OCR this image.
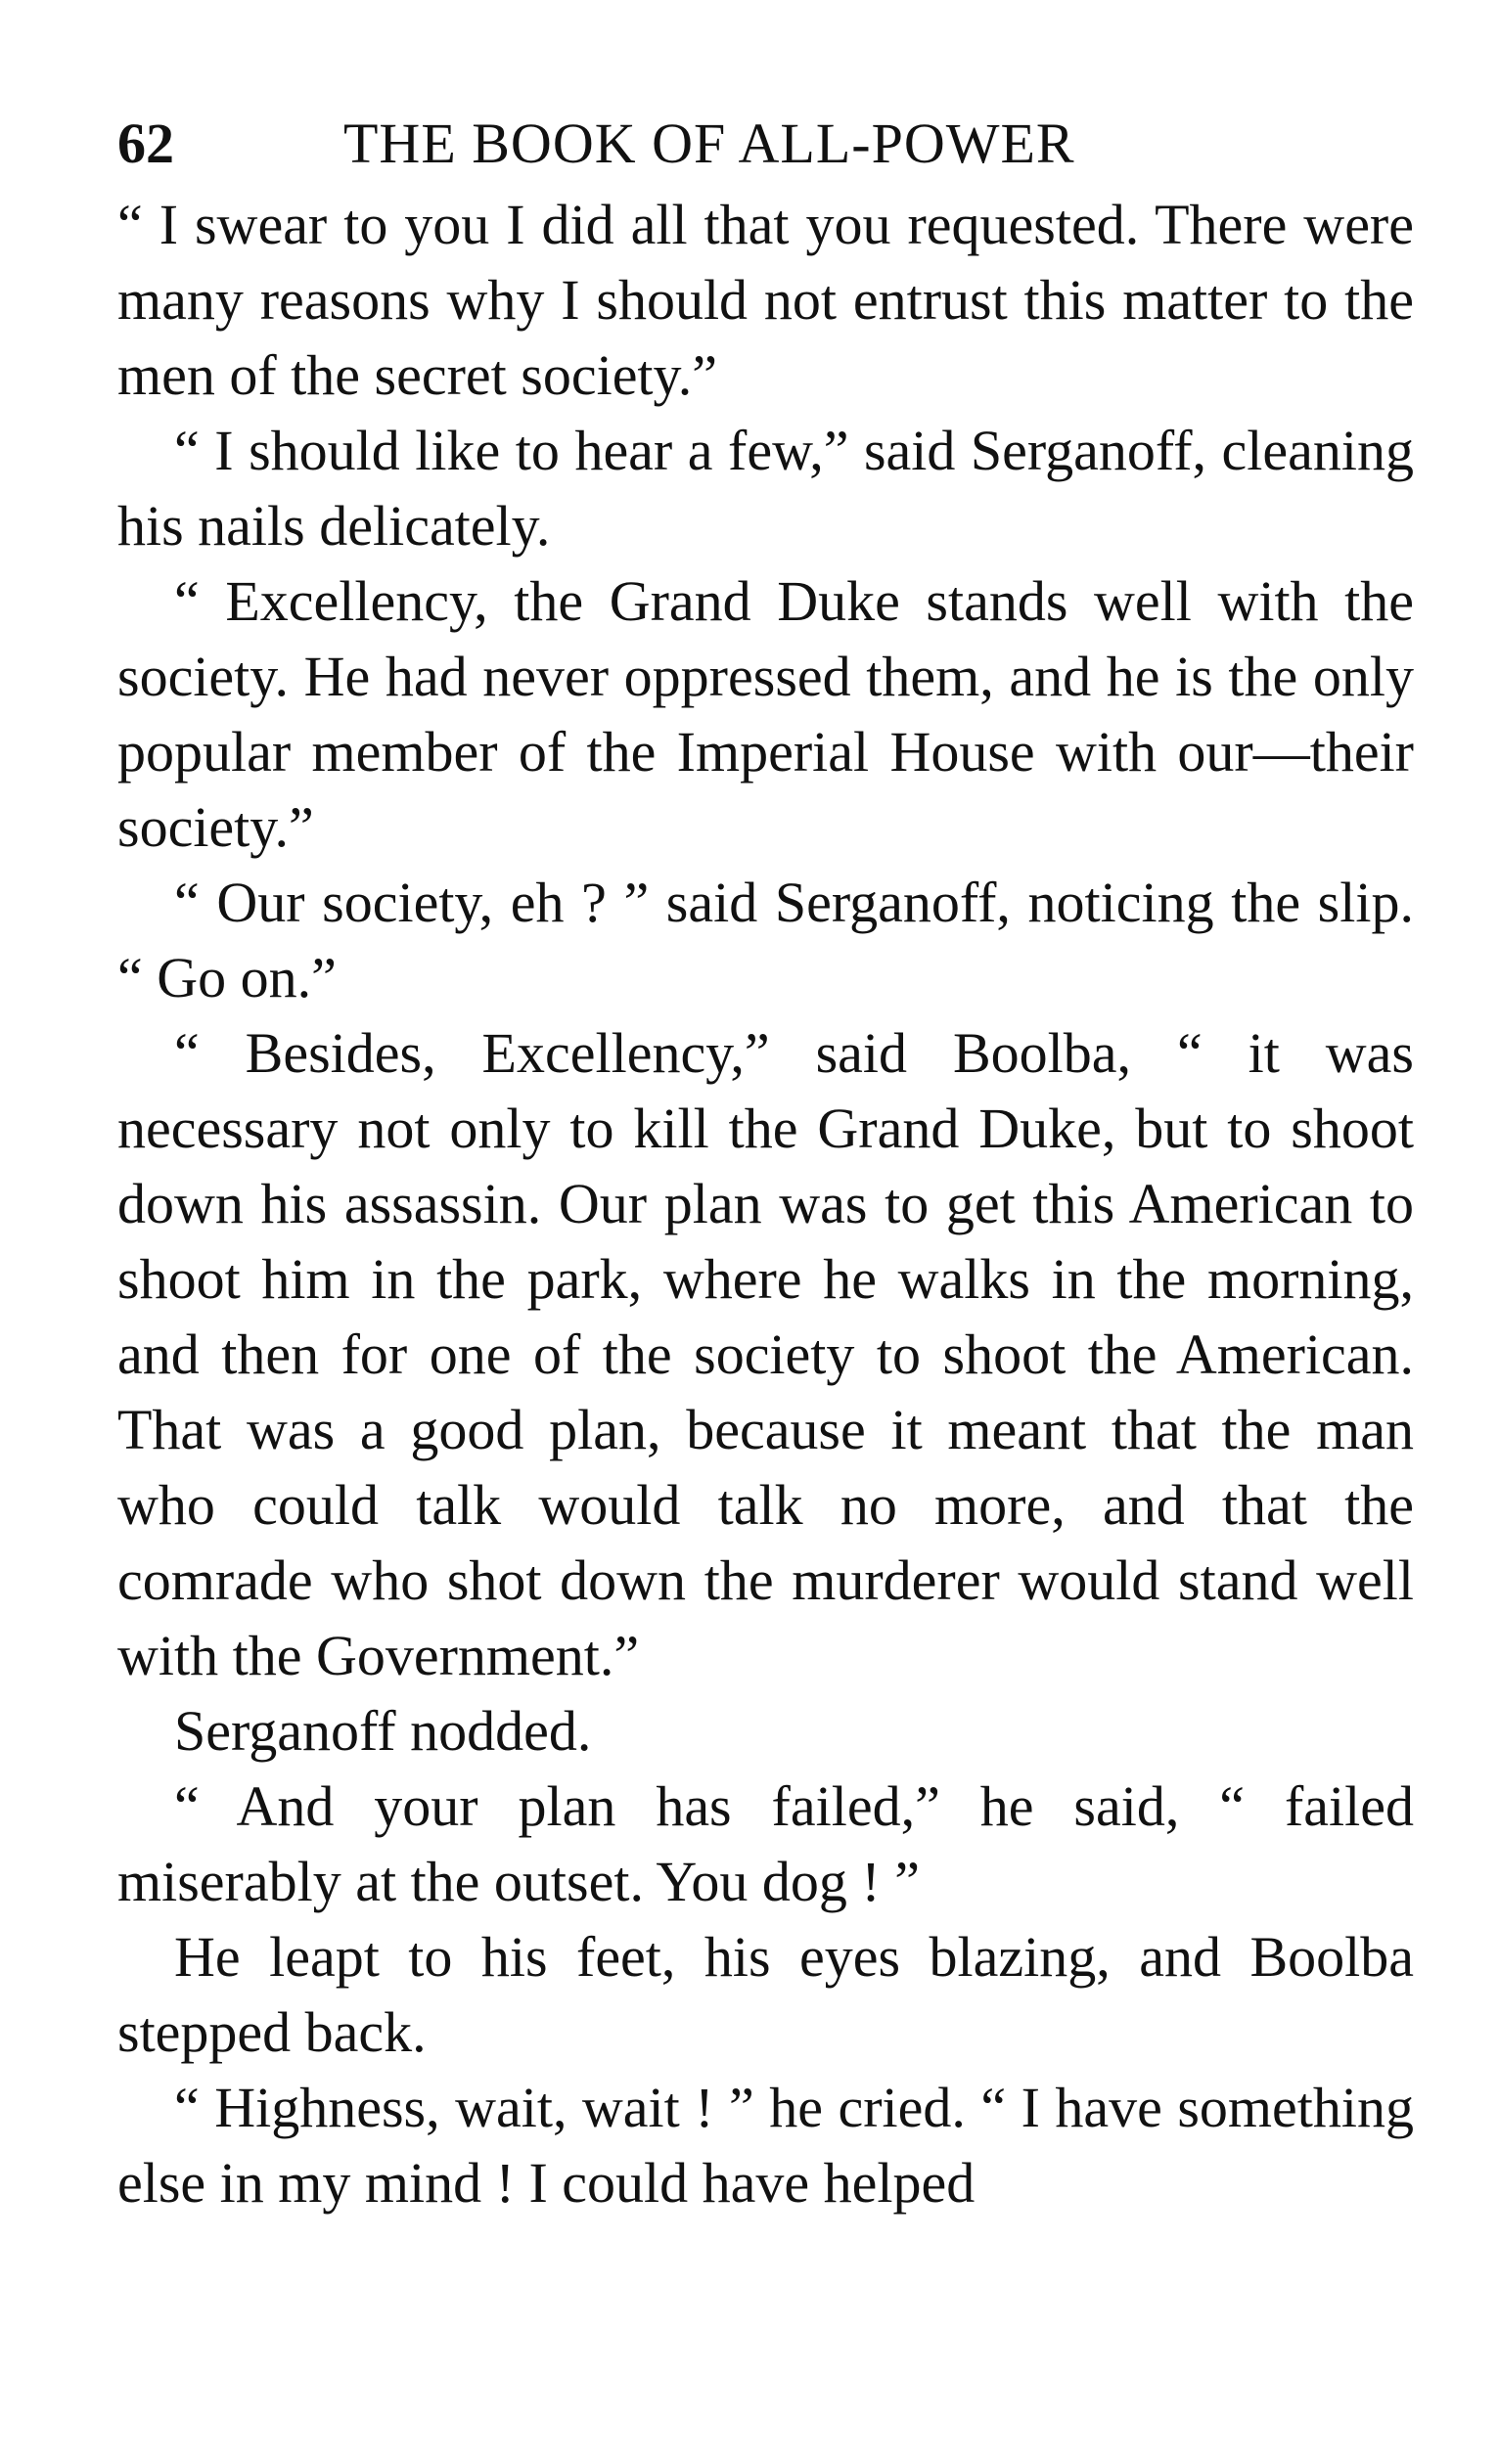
62	THE BOOK OF ALL-POWER

“ I swear to you I did all that you requested. There were many reasons why I should not entrust this matter to the men of the secret society.”

“ I should like to hear a few,” said Serganoff, cleaning his nails delicately.

“ Excellency, the Grand Duke stands well with the society. He had never oppressed them, and he is the only popular member of the Imperial House with our—their society.”

“ Our society, eh ? ” said Serganoff, noticing the slip. “ Go on.”

“ Besides, Excellency,” said Boolba, “ it was necessary not only to kill the Grand Duke, but to shoot down his assassin. Our plan was to get this American to shoot him in the park, where he walks in the morning, and then for one of the society to shoot the American. That was a good plan, because it meant that the man who could talk would talk no more, and that the comrade who shot down the murderer would stand well with the Government.”

Serganoff nodded.

“ And your plan has failed,” he said, “ failed miserably at the outset. You dog ! ”

He leapt to his feet, his eyes blazing, and Boolba stepped back.

“ Highness, wait, wait ! ” he cried. “ I have something else in my mind ! I could have helped
